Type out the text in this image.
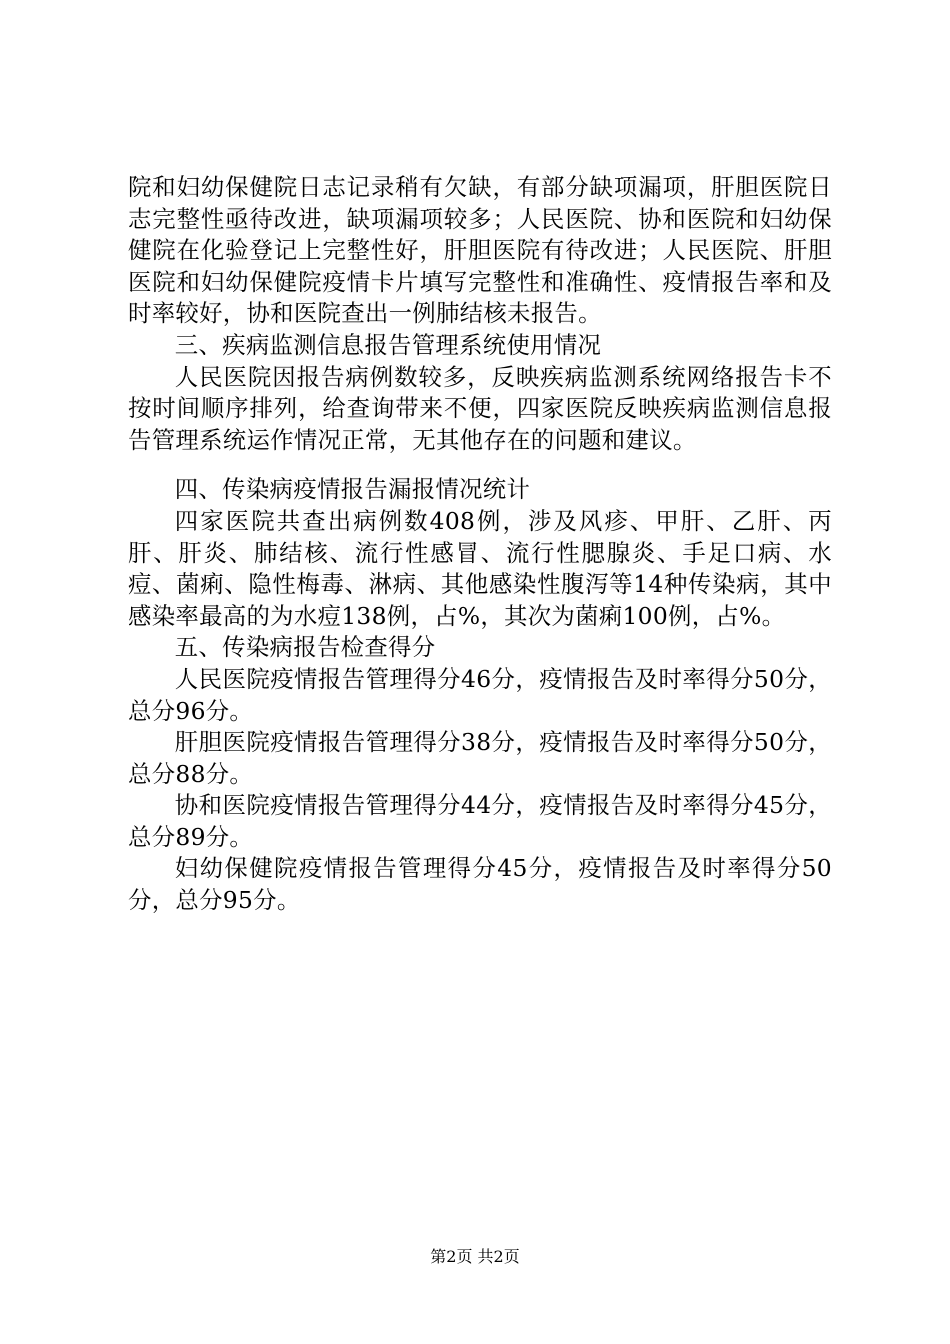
院和妇幼保健院日志记录稍有欠缺，有部分缺项漏项，肝胆医院日志完整性亟待改进，缺项漏项较多；人民医院、协和医院和妇幼保健院在化验登记上完整性好，肝胆医院有待改进；人民医院、肝胆医院和妇幼保健院疫情卡片填写完整性和准确性、疫情报告率和及时率较好，协和医院查出一例肺结核未报告。

三、疾病监测信息报告管理系统使用情况

人民医院因报告病例数较多，反映疾病监测系统网络报告卡不按时间顺序排列，给查询带来不便，四家医院反映疾病监测信息报告管理系统运作情况正常，无其他存在的问题和建议。

四、传染病疫情报告漏报情况统计

四家医院共查出病例数408例，涉及风疹、甲肝、乙肝、丙肝、肝炎、肺结核、流行性感冒、流行性腮腺炎、手足口病、水痘、菌痢、隐性梅毒、淋病、其他感染性腹泻等14种传染病，其中感染率最高的为水痘138例，占%，其次为菌痢100例，占%。

五、传染病报告检查得分

人民医院疫情报告管理得分46分，疫情报告及时率得分50分，总分96分。

肝胆医院疫情报告管理得分38分，疫情报告及时率得分50分，总分88分。

协和医院疫情报告管理得分44分，疫情报告及时率得分45分，总分89分。

妇幼保健院疫情报告管理得分45分，疫情报告及时率得分50分，总分95分。

第2页 共2页
